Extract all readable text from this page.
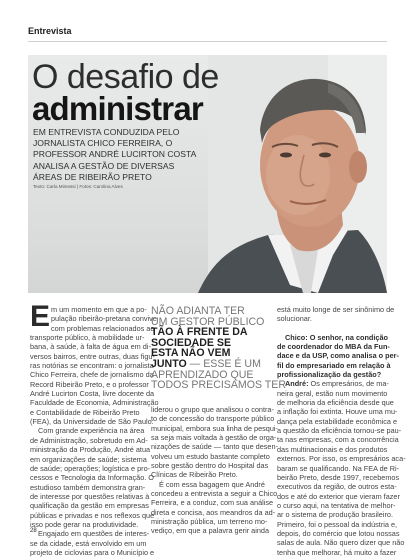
Entrevista
O desafio de
administrar
EM ENTREVISTA CONDUZIDA PELO
JORNALISTA CHICO FERREIRA, O
PROFESSOR ANDRÉ LUCIRTON COSTA
ANALISA A GESTÃO DE DIVERSAS
ÁREAS DE RIBEIRÃO PRETO
Texto: Carla Mimessi | Fotos: Carolina Alves
E m um momento em que a po-
pulação ribeirão-pretana convive
com problemas relacionados ao
transporte público, à mobilidade ur-
bana, à saúde, à falta de água em di-
versos bairros, entre outras, duas figu-
ras notórias se encontram: o jornalista
Chico Ferreira, chefe de jornalismo da
Record Ribeirão Preto, e o professor
André Lucirton Costa, livre docente da
Faculdade de Economia, Administração
e Contabilidade de Ribeirão Preto
(FEA), da Universidade de São Paulo.
Com grande experiência na área
de Administração, sobretudo em Ad-
ministração da Produção, André atua
em organizações de saúde; sistema
de saúde; operações; logística e pro-
cessos e Tecnologia da Informação. O
estudioso também demonstra gran-
de interesse por questões relativas à
qualificação da gestão em empresas
públicas e privadas e nos reflexos que
isso pode gerar na produtividade.
Engajado em questões de interes-
se da cidade, está envolvido em um
projeto de ciclovias para o Município e
NÃO ADIANTA TER
UM GESTOR PÚBLICO
TÃO À FRENTE DA
SOCIEDADE SE
ESTA NÃO VEM
JUNTO — ESSE É UM
APRENDIZADO QUE
TODOS PRECISAMOS TER
liderou o grupo que analisou o contra-
to de concessão do transporte público
municipal, embora sua linha de pesqui-
sa seja mais voltada à gestão de orga-
nizações de saúde — tanto que desen-
volveu um estudo bastante completo
sobre gestão dentro do Hospital das
Clínicas de Ribeirão Preto.
É com essa bagagem que André
concedeu a entrevista a seguir a Chico
Ferreira, e a conduz, com sua análise
direta e concisa, aos meandros da ad-
ministração pública, um terreno mo-
vediço, em que a palavra gerir ainda
está muito longe de ser sinônimo de
solucionar.
Chico: O senhor, na condição
de coordenador do MBA da Fun-
dace e da USP, como analisa o per-
fil do empresariado em relação à
profissionalização da gestão?
André: Os empresários, de ma-
neira geral, estão num movimento
de melhoria da eficiência desde que
a inflação foi extinta. Houve uma mu-
dança pela estabilidade econômica e
a questão da eficiência tornou-se pau-
ta nas empresas, com a concorrência
das multinacionais e dos produtos
externos. Por isso, os empresários aca-
baram se qualificando. Na FEA de Ri-
beirão Preto, desde 1997, recebemos
executivos da região, de outros esta-
dos e até do exterior que vieram fazer
o curso aqui, na tentativa de melhor-
ar o sistema de produção brasileiro.
Primeiro, foi o pessoal da indústria e,
depois, do comércio que lotou nossas
salas de aula. Não quero dizer que não
tenha que melhorar, há muito a fazer
28
